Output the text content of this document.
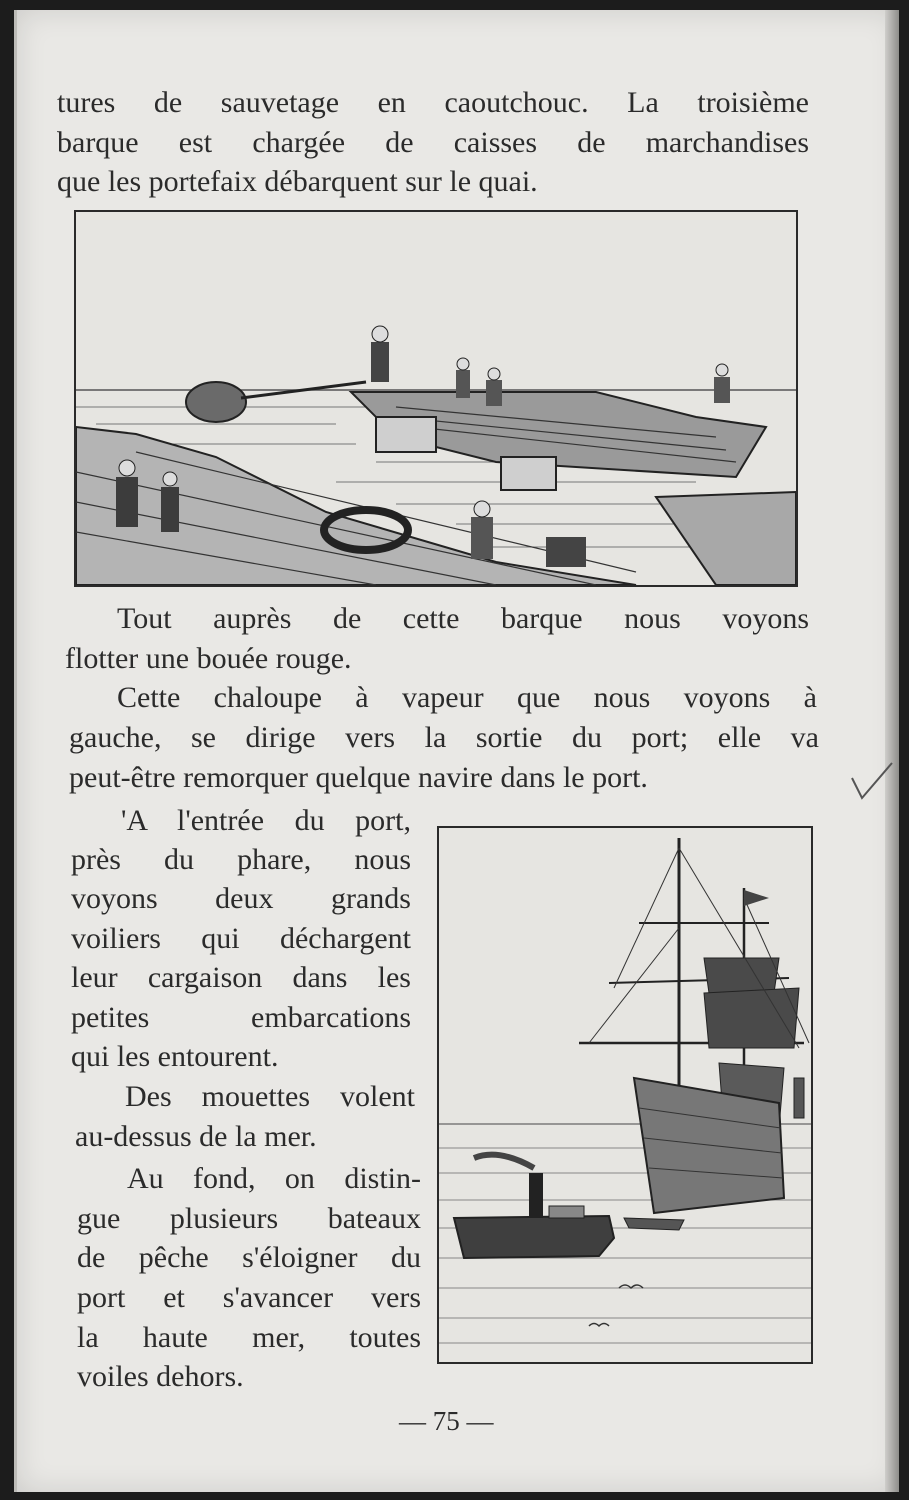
tures de sauvetage en caoutchouc. La troisième
barque est chargée de caisses de marchandises
que les portefaix débarquent sur le quai.
Tout auprès de cette barque nous voyons
flotter une bouée rouge.
Cette chaloupe à vapeur que nous voyons à
gauche, se dirige vers la sortie du port; elle va
peut-être remorquer quelque navire dans le port.
'A l'entrée du port,
près du phare, nous
voyons deux grands
voiliers qui déchargent
leur cargaison dans les
petites embarcations
qui les entourent.
Des mouettes volent
au-dessus de la mer.
Au fond, on distin-
gue plusieurs bateaux
de pêche s'éloigner du
port et s'avancer vers
la haute mer, toutes
voiles dehors.
— 75 —
